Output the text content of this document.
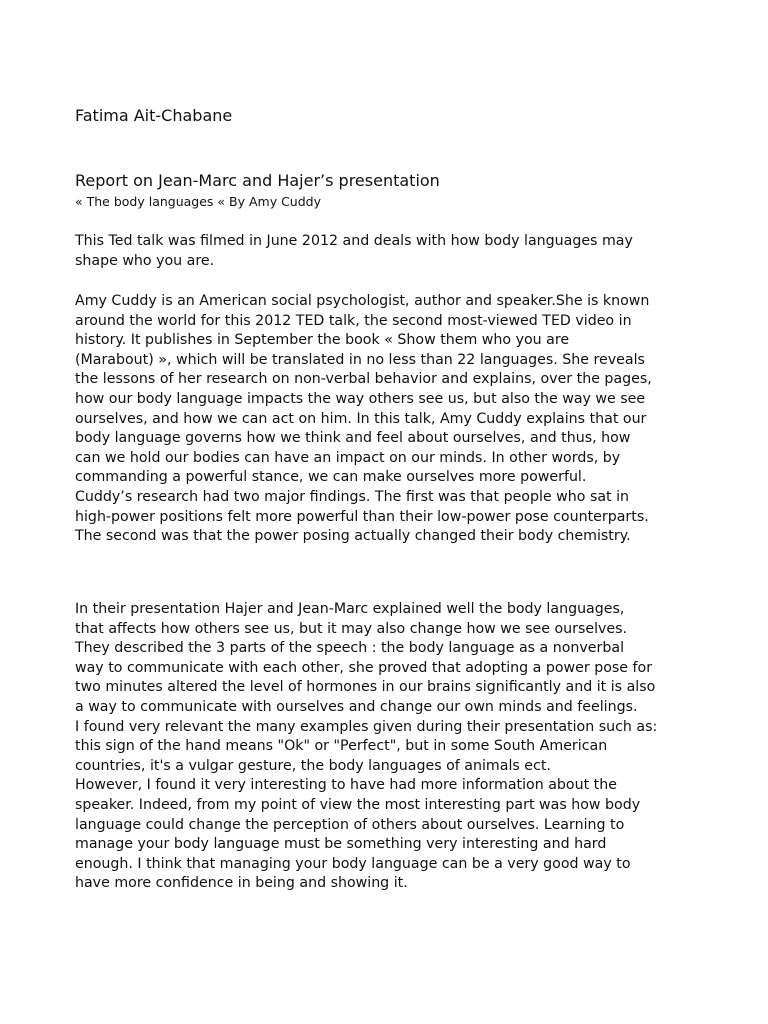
Fatima Ait-Chabane
Report on Jean-Marc and Hajer’s presentation
« The body languages « By Amy Cuddy
This Ted talk was filmed in June 2012 and deals with how body languages may
shape who you are.
Amy Cuddy is an American social psychologist, author and speaker.She is known
around the world for this 2012 TED talk, the second most-viewed TED video in
history. It publishes in September the book « Show them who you are
(Marabout) », which will be translated in no less than 22 languages. She reveals
the lessons of her research on non-verbal behavior and explains, over the pages,
how our body language impacts the way others see us, but also the way we see
ourselves, and how we can act on him. In this talk, Amy Cuddy explains that our
body language governs how we think and feel about ourselves, and thus, how
can we hold our bodies can have an impact on our minds. In other words, by
commanding a powerful stance, we can make ourselves more powerful.
Cuddy’s research had two major findings. The first was that people who sat in
high-power positions felt more powerful than their low-power pose counterparts.
The second was that the power posing actually changed their body chemistry.
In their presentation Hajer and Jean-Marc explained well the body languages,
that affects how others see us, but it may also change how we see ourselves.
They described the 3 parts of the speech : the body language as a nonverbal
way to communicate with each other, she proved that adopting a power pose for
two minutes altered the level of hormones in our brains significantly and it is also
a way to communicate with ourselves and change our own minds and feelings.
I found very relevant the many examples given during their presentation such as:
this sign of the hand means "Ok" or "Perfect", but in some South American
countries, it's a vulgar gesture, the body languages of animals ect.
However, I found it very interesting to have had more information about the
speaker. Indeed, from my point of view the most interesting part was how body
language could change the perception of others about ourselves. Learning to
manage your body language must be something very interesting and hard
enough. I think that managing your body language can be a very good way to
have more confidence in being and showing it.
